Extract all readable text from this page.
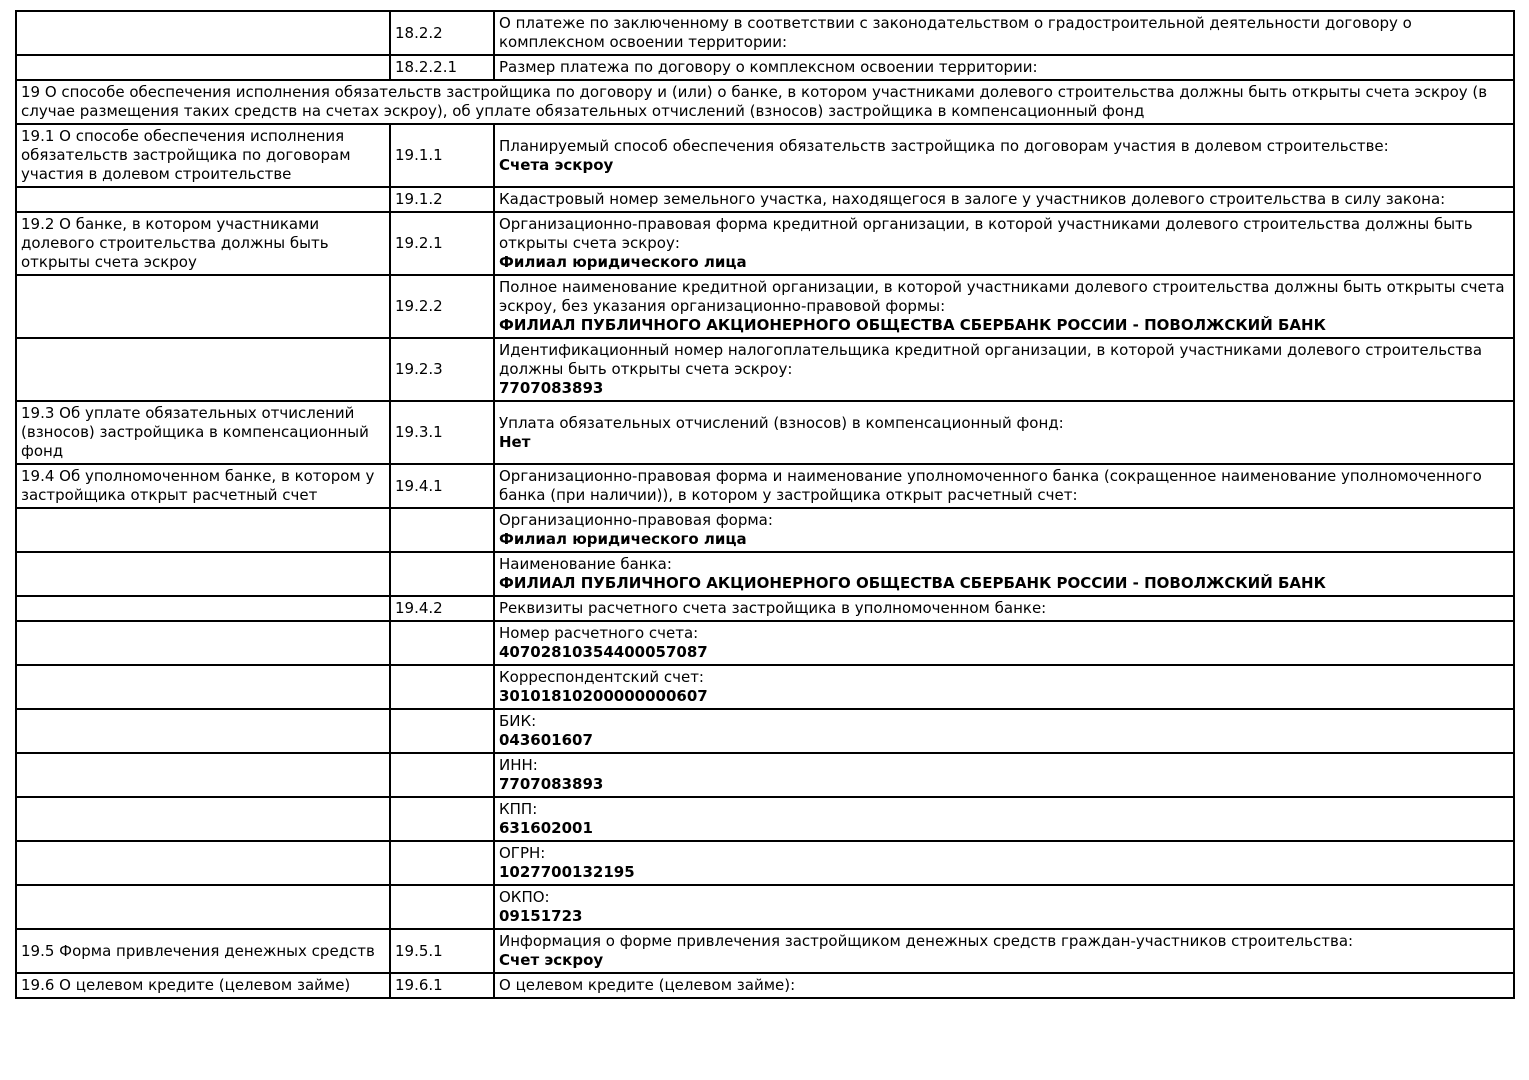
	18.2.2	О платеже по заключенному в соответствии с законодательством о градостроительной деятельности договору о комплексном освоении территории:

	18.2.2.1	Размер платежа по договору о комплексном освоении территории:

19 О способе обеспечения исполнения обязательств застройщика по договору и (или) о банке, в котором участниками долевого строительства должны быть открыты счета эскроу (в случае размещения таких средств на счетах эскроу), об уплате обязательных отчислений (взносов) застройщика в компенсационный фонд		
19.1 О способе обеспечения исполнения обязательств застройщика по договорам участия в долевом строительстве	19.1.1	Планируемый способ обеспечения обязательств застройщика по договорам участия в долевом строительстве:
Счета эскроу

	19.1.2	Кадастровый номер земельного участка, находящегося в залоге у участников долевого строительства в силу закона:

19.2 О банке, в котором участниками долевого строительства должны быть открыты счета эскроу	19.2.1	Организационно-правовая форма кредитной организации, в которой участниками долевого строительства должны быть открыты счета эскроу:
Филиал юридического лица

	19.2.2	Полное наименование кредитной организации, в которой участниками долевого строительства должны быть открыты счета эскроу, без указания организационно-правовой формы:
ФИЛИАЛ ПУБЛИЧНОГО АКЦИОНЕРНОГО ОБЩЕСТВА СБЕРБАНК РОССИИ - ПОВОЛЖСКИЙ БАНК

	19.2.3	Идентификационный номер налогоплательщика кредитной организации, в которой участниками долевого строительства должны быть открыты счета эскроу:
7707083893

19.3 Об уплате обязательных отчислений (взносов) застройщика в компенсационный фонд	19.3.1	Уплата обязательных отчислений (взносов) в компенсационный фонд:
Нет

19.4 Об уполномоченном банке, в котором у застройщика открыт расчетный счет	19.4.1	Организационно-правовая форма и наименование уполномоченного банка (сокращенное наименование уполномоченного банка (при наличии)), в котором у застройщика открыт расчетный счет:

		Организационно-правовая форма:
Филиал юридического лица

		Наименование банка:
ФИЛИАЛ ПУБЛИЧНОГО АКЦИОНЕРНОГО ОБЩЕСТВА СБЕРБАНК РОССИИ - ПОВОЛЖСКИЙ БАНК

	19.4.2	Реквизиты расчетного счета застройщика в уполномоченном банке:

		Номер расчетного счета:
40702810354400057087

		Корреспондентский счет:
30101810200000000607

		БИК:
043601607

		ИНН:
7707083893

		КПП:
631602001

		ОГРН:
1027700132195

		ОКПО:
09151723

19.5 Форма привлечения денежных средств	19.5.1	Информация о форме привлечения застройщиком денежных средств граждан-участников строительства:
Счет эскроу

19.6 О целевом кредите (целевом займе)	19.6.1	О целевом кредите (целевом займе):
